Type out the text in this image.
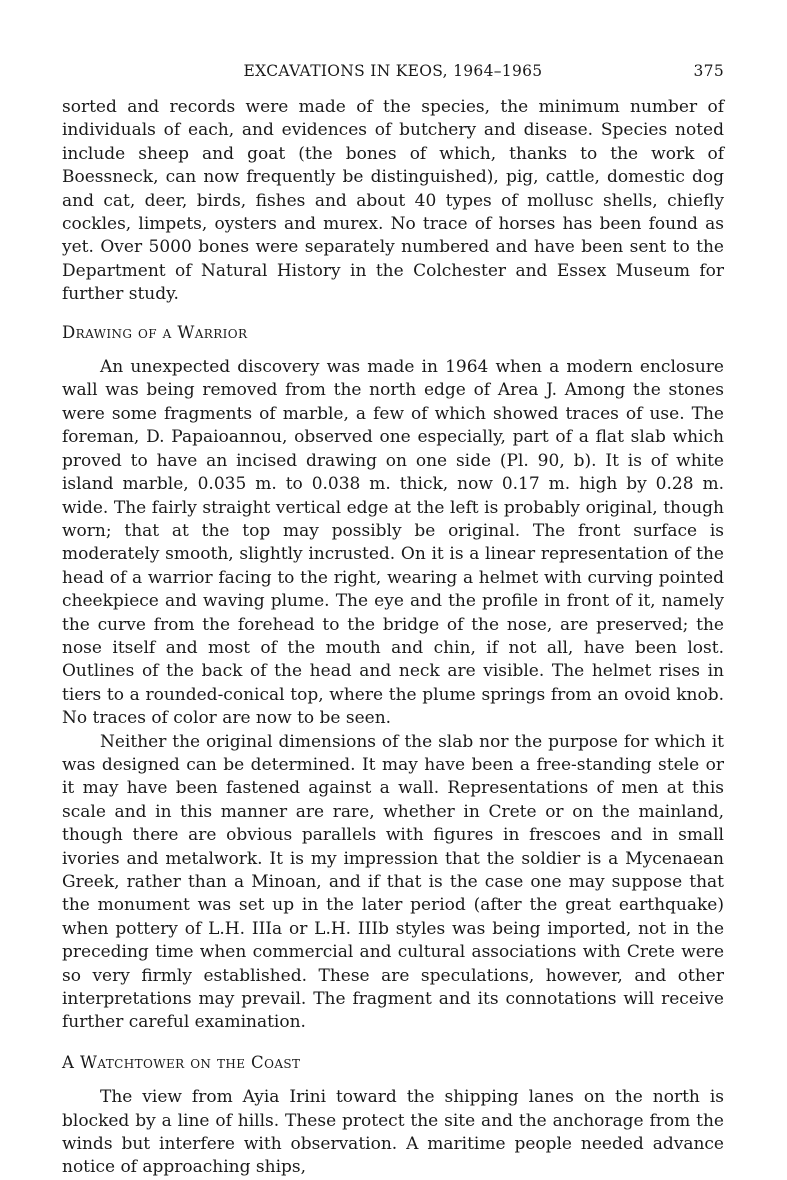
EXCAVATIONS IN KEOS, 1964–1965	375

sorted and records were made of the species, the minimum number of individuals of each, and evidences of butchery and disease. Species noted include sheep and goat (the bones of which, thanks to the work of Boessneck, can now frequently be distinguished), pig, cattle, domestic dog and cat, deer, birds, fishes and about 40 types of mollusc shells, chiefly cockles, limpets, oysters and murex. No trace of horses has been found as yet. Over 5000 bones were separately numbered and have been sent to the Department of Natural History in the Colchester and Essex Museum for further study.

Drawing of a Warrior

An unexpected discovery was made in 1964 when a modern enclosure wall was being removed from the north edge of Area J. Among the stones were some fragments of marble, a few of which showed traces of use. The foreman, D. Papaioannou, observed one especially, part of a flat slab which proved to have an incised drawing on one side (Pl. 90, b). It is of white island marble, 0.035 m. to 0.038 m. thick, now 0.17 m. high by 0.28 m. wide. The fairly straight vertical edge at the left is probably original, though worn; that at the top may possibly be original. The front surface is moderately smooth, slightly incrusted. On it is a linear representation of the head of a warrior facing to the right, wearing a helmet with curving pointed cheekpiece and waving plume. The eye and the profile in front of it, namely the curve from the forehead to the bridge of the nose, are preserved; the nose itself and most of the mouth and chin, if not all, have been lost. Outlines of the back of the head and neck are visible. The helmet rises in tiers to a rounded-conical top, where the plume springs from an ovoid knob. No traces of color are now to be seen.

Neither the original dimensions of the slab nor the purpose for which it was designed can be determined. It may have been a free-standing stele or it may have been fastened against a wall. Representations of men at this scale and in this manner are rare, whether in Crete or on the mainland, though there are obvious parallels with figures in frescoes and in small ivories and metalwork. It is my impression that the soldier is a Mycenaean Greek, rather than a Minoan, and if that is the case one may suppose that the monument was set up in the later period (after the great earthquake) when pottery of L.H. IIIa or L.H. IIIb styles was being imported, not in the preceding time when commercial and cultural associations with Crete were so very firmly established. These are speculations, however, and other interpretations may prevail. The fragment and its connotations will receive further careful examination.

A Watchtower on the Coast

The view from Ayia Irini toward the shipping lanes on the north is blocked by a line of hills. These protect the site and the anchorage from the winds but interfere with observation. A maritime people needed advance notice of approaching ships,
